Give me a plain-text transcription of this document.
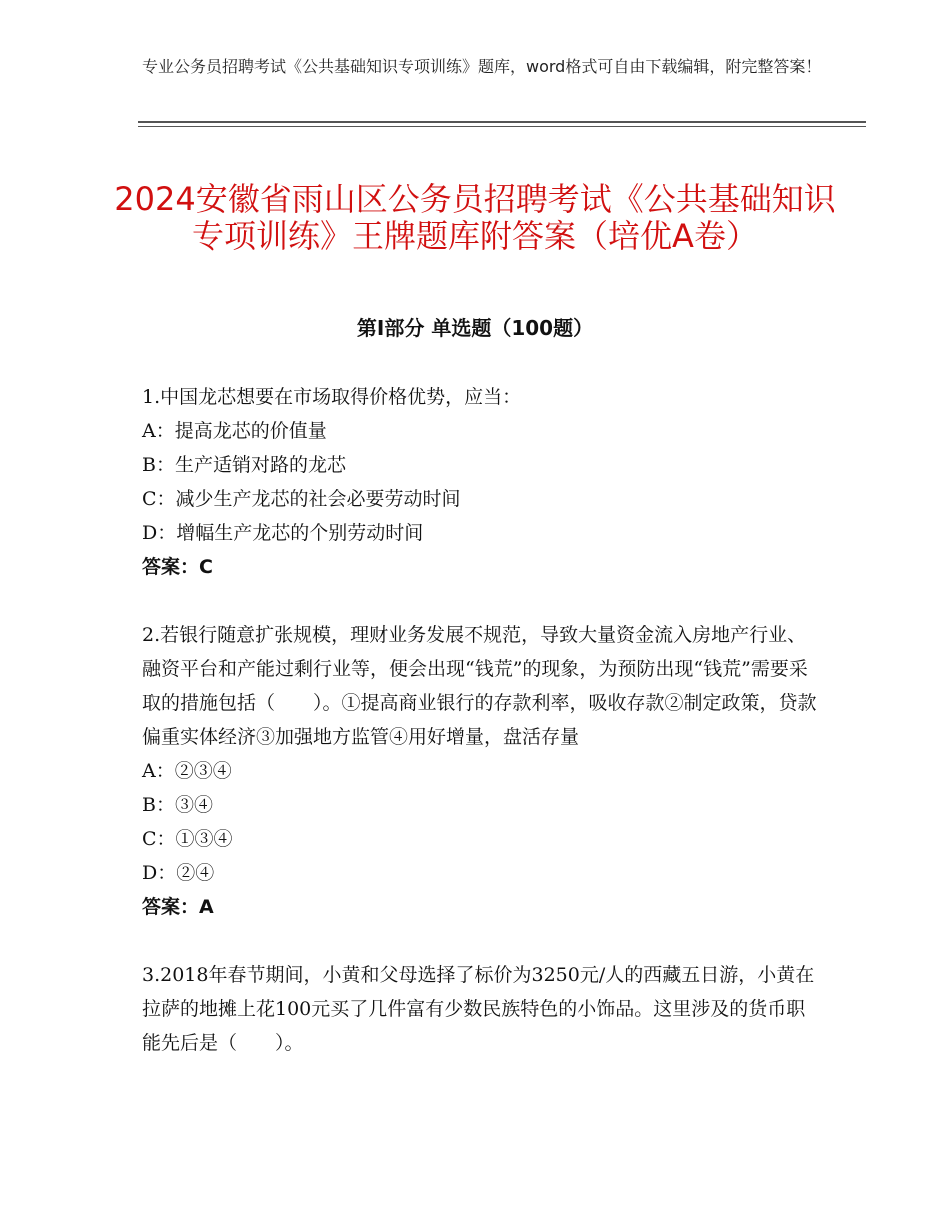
专业公务员招聘考试《公共基础知识专项训练》题库，word格式可自由下载编辑，附完整答案！
2024安徽省雨山区公务员招聘考试《公共基础知识专项训练》王牌题库附答案（培优A卷）
第I部分 单选题（100题）

1.中国龙芯想要在市场取得价格优势，应当：

A：提高龙芯的价值量

B：生产适销对路的龙芯

C：减少生产龙芯的社会必要劳动时间

D：增幅生产龙芯的个别劳动时间

答案：C

2.若银行随意扩张规模，理财业务发展不规范，导致大量资金流入房地产行业、融资平台和产能过剩行业等，便会出现“钱荒”的现象，为预防出现“钱荒”需要采取的措施包括（　　）。①提高商业银行的存款利率，吸收存款②制定政策，贷款偏重实体经济③加强地方监管④用好增量，盘活存量

A：②③④

B：③④

C：①③④

D：②④

答案：A

3.2018年春节期间，小黄和父母选择了标价为3250元/人的西藏五日游，小黄在拉萨的地摊上花100元买了几件富有少数民族特色的小饰品。这里涉及的货币职能先后是（　　）。
